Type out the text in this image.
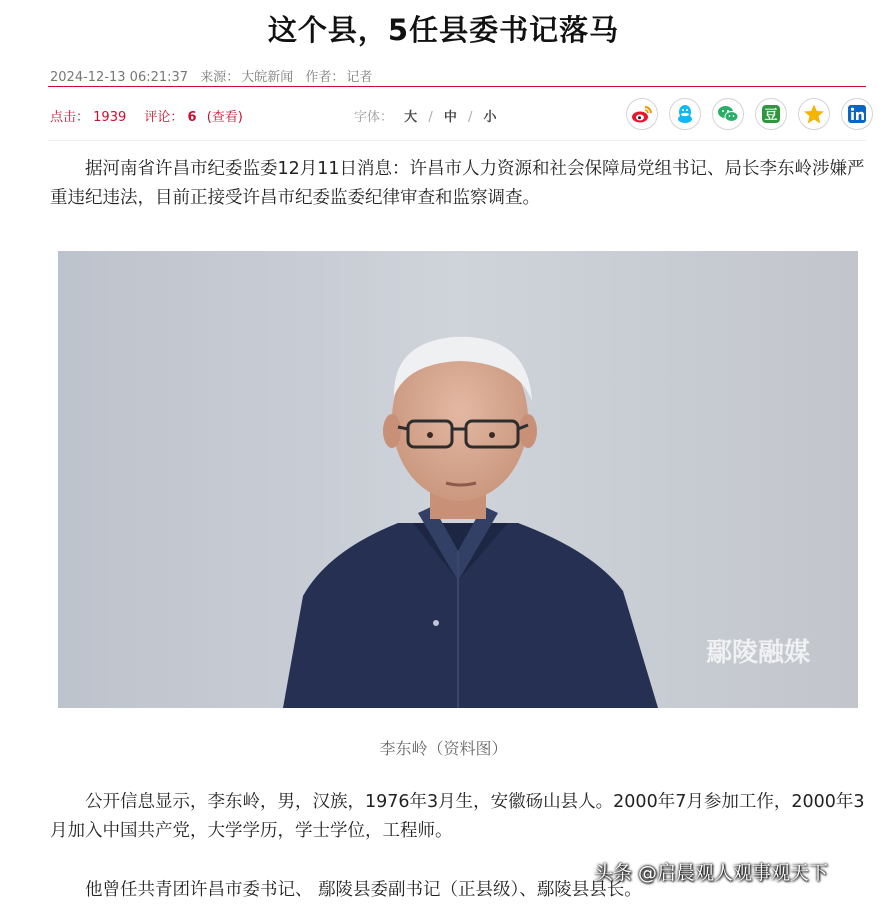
这个县，5任县委书记落马
2024-12-13 06:21:37 来源： 大皖新闻 作者： 记者
点击： 1939 评论： 6 (查看)	字体： 大 / 中 / 小	豆

据河南省许昌市纪委监委12月11日消息：许昌市人力资源和社会保障局党组书记、局长李东岭涉嫌严重违纪违法，目前正接受许昌市纪委监委纪律审查和监察调查。

鄢陵融媒
李东岭（资料图）

公开信息显示，李东岭，男，汉族，1976年3月生，安徽砀山县人。2000年7月参加工作，2000年3月加入中国共产党，大学学历，学士学位，工程师。

他曾任共青团许昌市委书记、 鄢陵县委副书记（正县级）、鄢陵县县长。

头条 @启晨观人观事观天下
